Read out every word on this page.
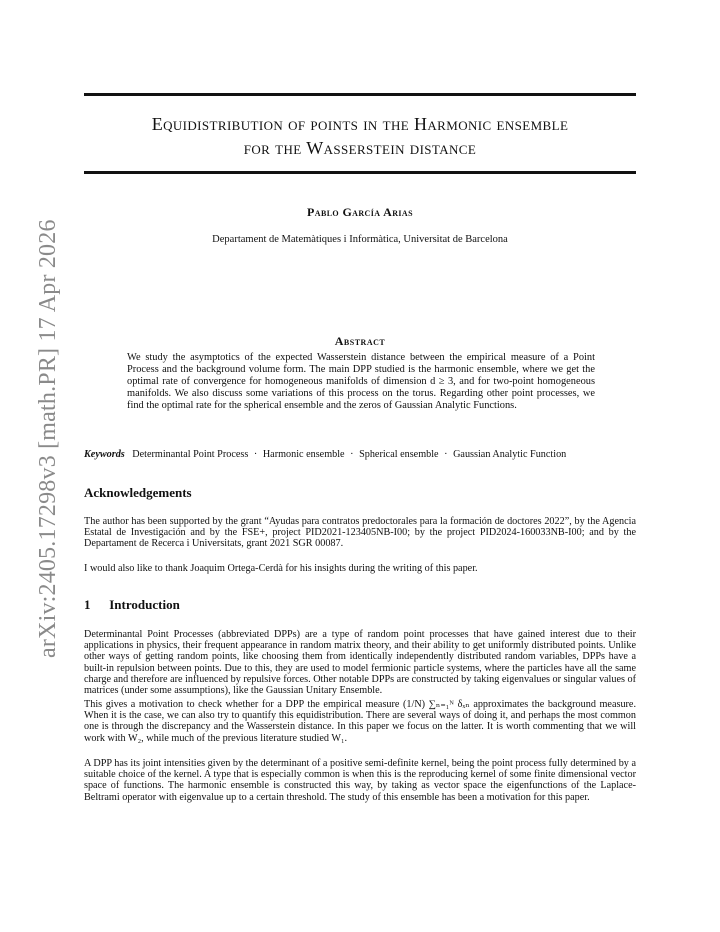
arXiv:2405.17298v3 [math.PR] 17 Apr 2026
Equidistribution of points in the Harmonic ensemble
for the Wasserstein distance
Pablo García Arias
Departament de Matemàtiques i Informàtica, Universitat de Barcelona
Abstract
We study the asymptotics of the expected Wasserstein distance between the empirical measure of a Point Process and the background volume form. The main DPP studied is the harmonic ensemble, where we get the optimal rate of convergence for homogeneous manifolds of dimension d ≥ 3, and for two-point homogeneous manifolds. We also discuss some variations of this process on the torus. Regarding other point processes, we find the optimal rate for the spherical ensemble and the zeros of Gaussian Analytic Functions.
Keywords Determinantal Point Process · Harmonic ensemble · Spherical ensemble · Gaussian Analytic Function
Acknowledgements

The author has been supported by the grant “Ayudas para contratos predoctorales para la formación de doctores 2022”, by the Agencia Estatal de Investigación and by the FSE+, project PID2021-123405NB-I00; by the project PID2024-160033NB-I00; and by the Departament de Recerca i Universitats, grant 2021 SGR 00087.

I would also like to thank Joaquim Ortega-Cerdà for his insights during the writing of this paper.

1 Introduction

Determinantal Point Processes (abbreviated DPPs) are a type of random point processes that have gained interest due to their applications in physics, their frequent appearance in random matrix theory, and their ability to get uniformly distributed points. Unlike other ways of getting random points, like choosing them from identically independently distributed random variables, DPPs have a built-in repulsion between points. Due to this, they are used to model fermionic particle systems, where the particles have all the same charge and therefore are influenced by repulsive forces. Other notable DPPs are constructed by taking eigenvalues or singular values of matrices (under some assumptions), like the Gaussian Unitary Ensemble.

This gives a motivation to check whether for a DPP the empirical measure (1/N) ∑ₙ₌₁ᴺ δₓₙ approximates the background measure. When it is the case, we can also try to quantify this equidistribution. There are several ways of doing it, and perhaps the most common one is through the discrepancy and the Wasserstein distance. In this paper we focus on the latter. It is worth commenting that we will work with W₂, while much of the previous literature studied W₁.

A DPP has its joint intensities given by the determinant of a positive semi-definite kernel, being the point process fully determined by a suitable choice of the kernel. A type that is especially common is when this is the reproducing kernel of some finite dimensional vector space of functions. The harmonic ensemble is constructed this way, by taking as vector space the eigenfunctions of the Laplace-Beltrami operator with eigenvalue up to a certain threshold. The study of this ensemble has been a motivation for this paper.
